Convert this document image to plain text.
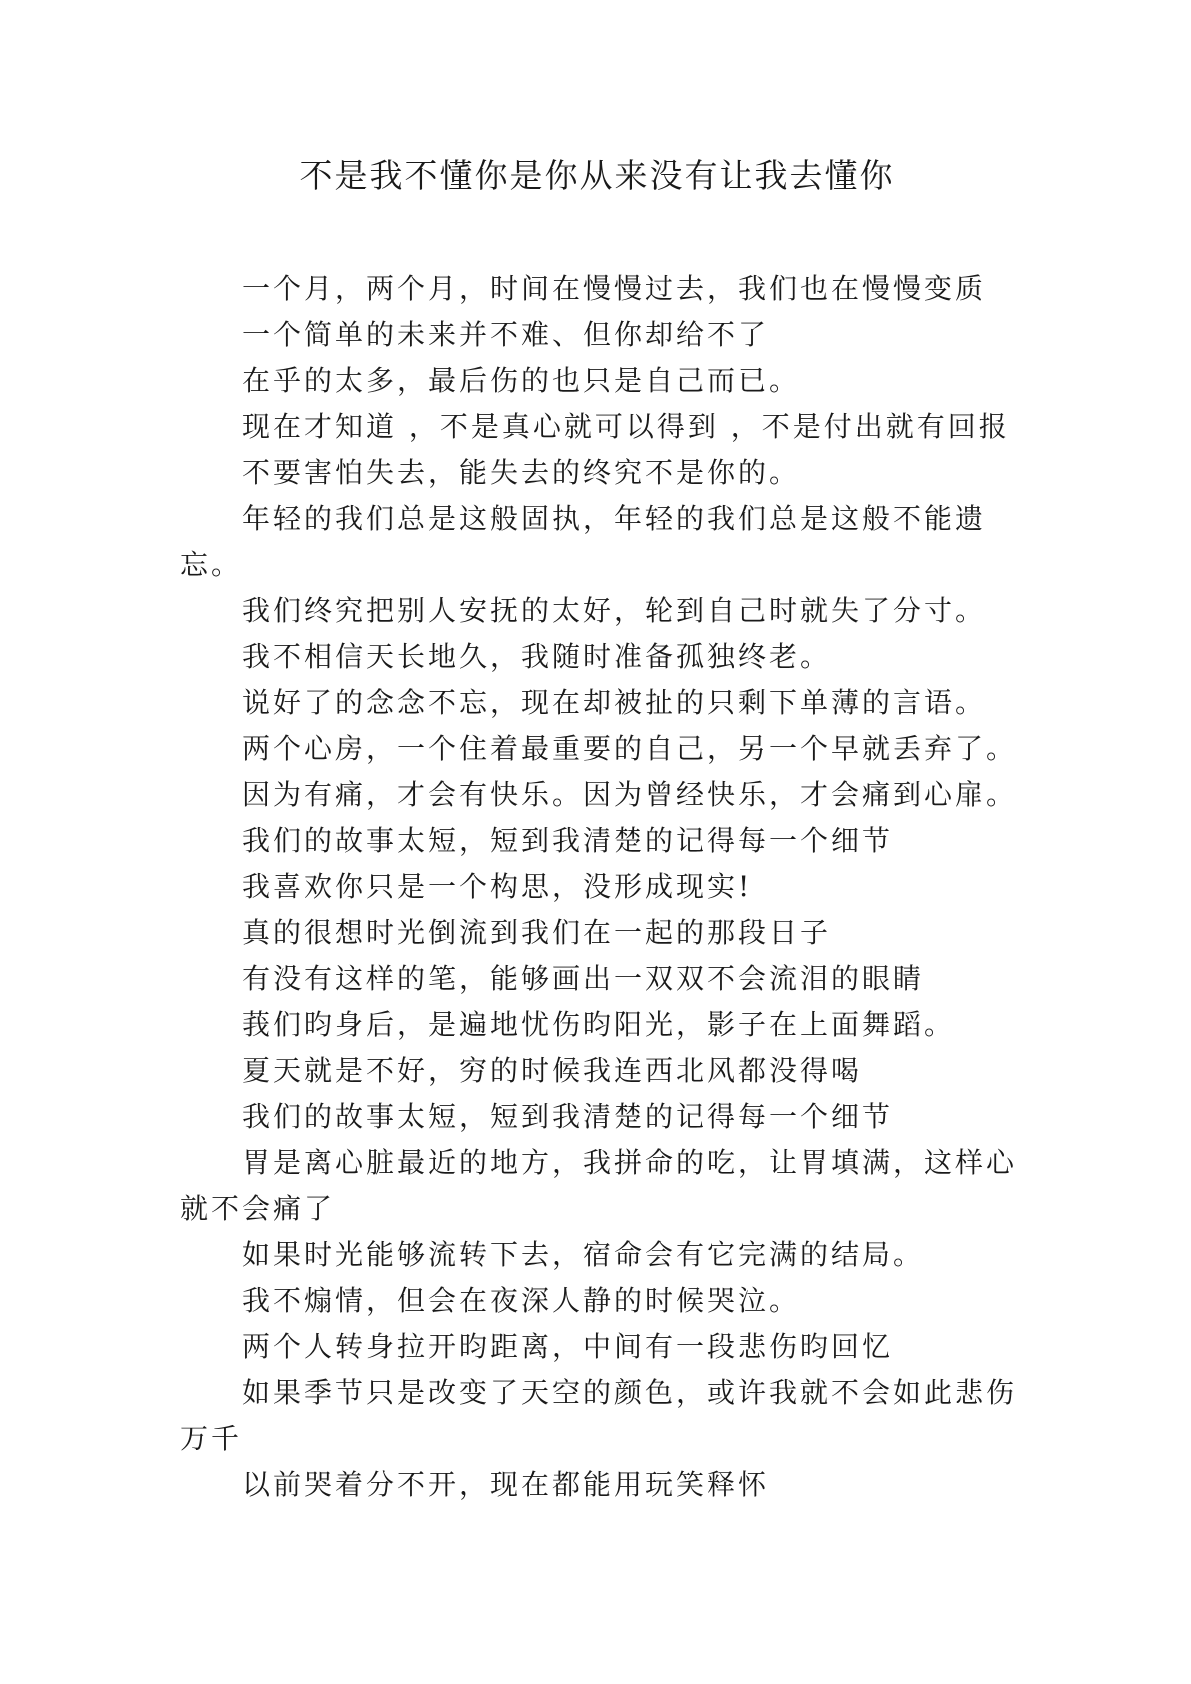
不是我不懂你是你从来没有让我去懂你

一个月，两个月，时间在慢慢过去，我们也在慢慢变质

一个简单的未来并不难、但你却给不了

在乎的太多，最后伤的也只是自己而已。

现在才知道 ，不是真心就可以得到 ，不是付出就有回报

不要害怕失去，能失去的终究不是你的。

年轻的我们总是这般固执，年轻的我们总是这般不能遗忘。

我们终究把别人安抚的太好，轮到自己时就失了分寸。

我不相信天长地久，我随时准备孤独终老。

说好了的念念不忘，现在却被扯的只剩下单薄的言语。

两个心房，一个住着最重要的自己，另一个早就丢弃了。

因为有痛，才会有快乐。因为曾经快乐，才会痛到心扉。

我们的故事太短，短到我清楚的记得每一个细节

我喜欢你只是一个构思，没形成现实!

真的很想时光倒流到我们在一起的那段日子

有没有这样的笔，能够画出一双双不会流泪的眼睛

莪们昀身后，是遍地忧伤昀阳光，影子在上面舞蹈。

夏天就是不好，穷的时候我连西北风都没得喝

我们的故事太短，短到我清楚的记得每一个细节

胃是离心脏最近的地方，我拼命的吃，让胃填满，这样心就不会痛了

如果时光能够流转下去，宿命会有它完满的结局。

我不煽情，但会在夜深人静的时候哭泣。

两个人转身拉开昀距离，中间有一段悲伤昀回忆

如果季节只是改变了天空的颜色，或许我就不会如此悲伤万千

以前哭着分不开，现在都能用玩笑释怀
